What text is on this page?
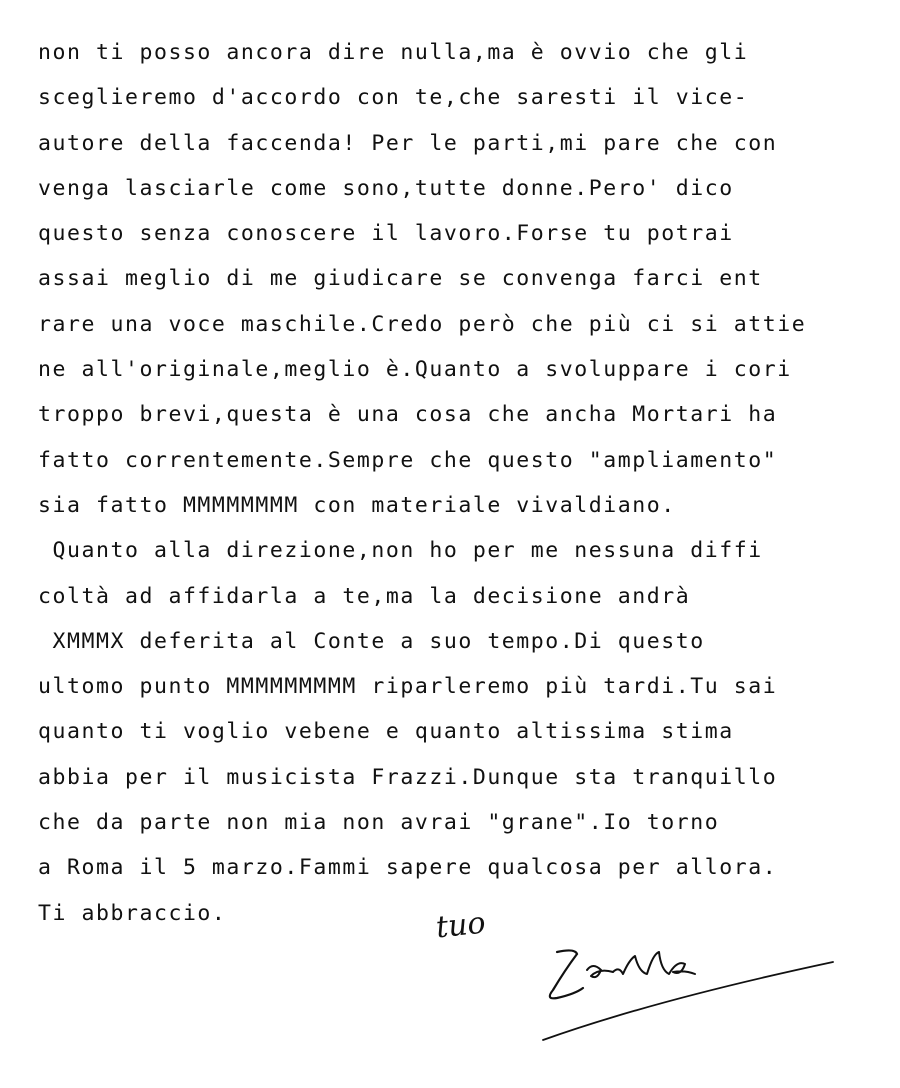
non ti posso ancora dire nulla,ma è ovvio che gli
sceglieremo d'accordo con te,che saresti il vice-
autore della faccenda! Per le parti,mi pare che con
venga lasciarle come sono,tutte donne.Pero' dico
questo senza conoscere il lavoro.Forse tu potrai
assai meglio di me giudicare se convenga farci ent
rare una voce maschile.Credo però che più ci si attie
ne all'originale,meglio è.Quanto a svoluppare i cori
troppo brevi,questa è una cosa che ancha Mortari ha
fatto correntemente.Sempre che questo "ampliamento"
sia fatto MMMMMMMM con materiale vivaldiano.
Quanto alla direzione,non ho per me nessuna diffi
coltà ad affidarla a te,ma la decisione andrà
XMMMX deferita al Conte a suo tempo.Di questo
ultomo punto MMMMMMMMM riparleremo più tardi.Tu sai
quanto ti voglio vebene e quanto altissima stima
abbia per il musicista Frazzi.Dunque sta tranquillo
che da parte non mia non avrai "grane".Io torno
a Roma il 5 marzo.Fammi sapere qualcosa per allora.
Ti abbraccio.	tuo
